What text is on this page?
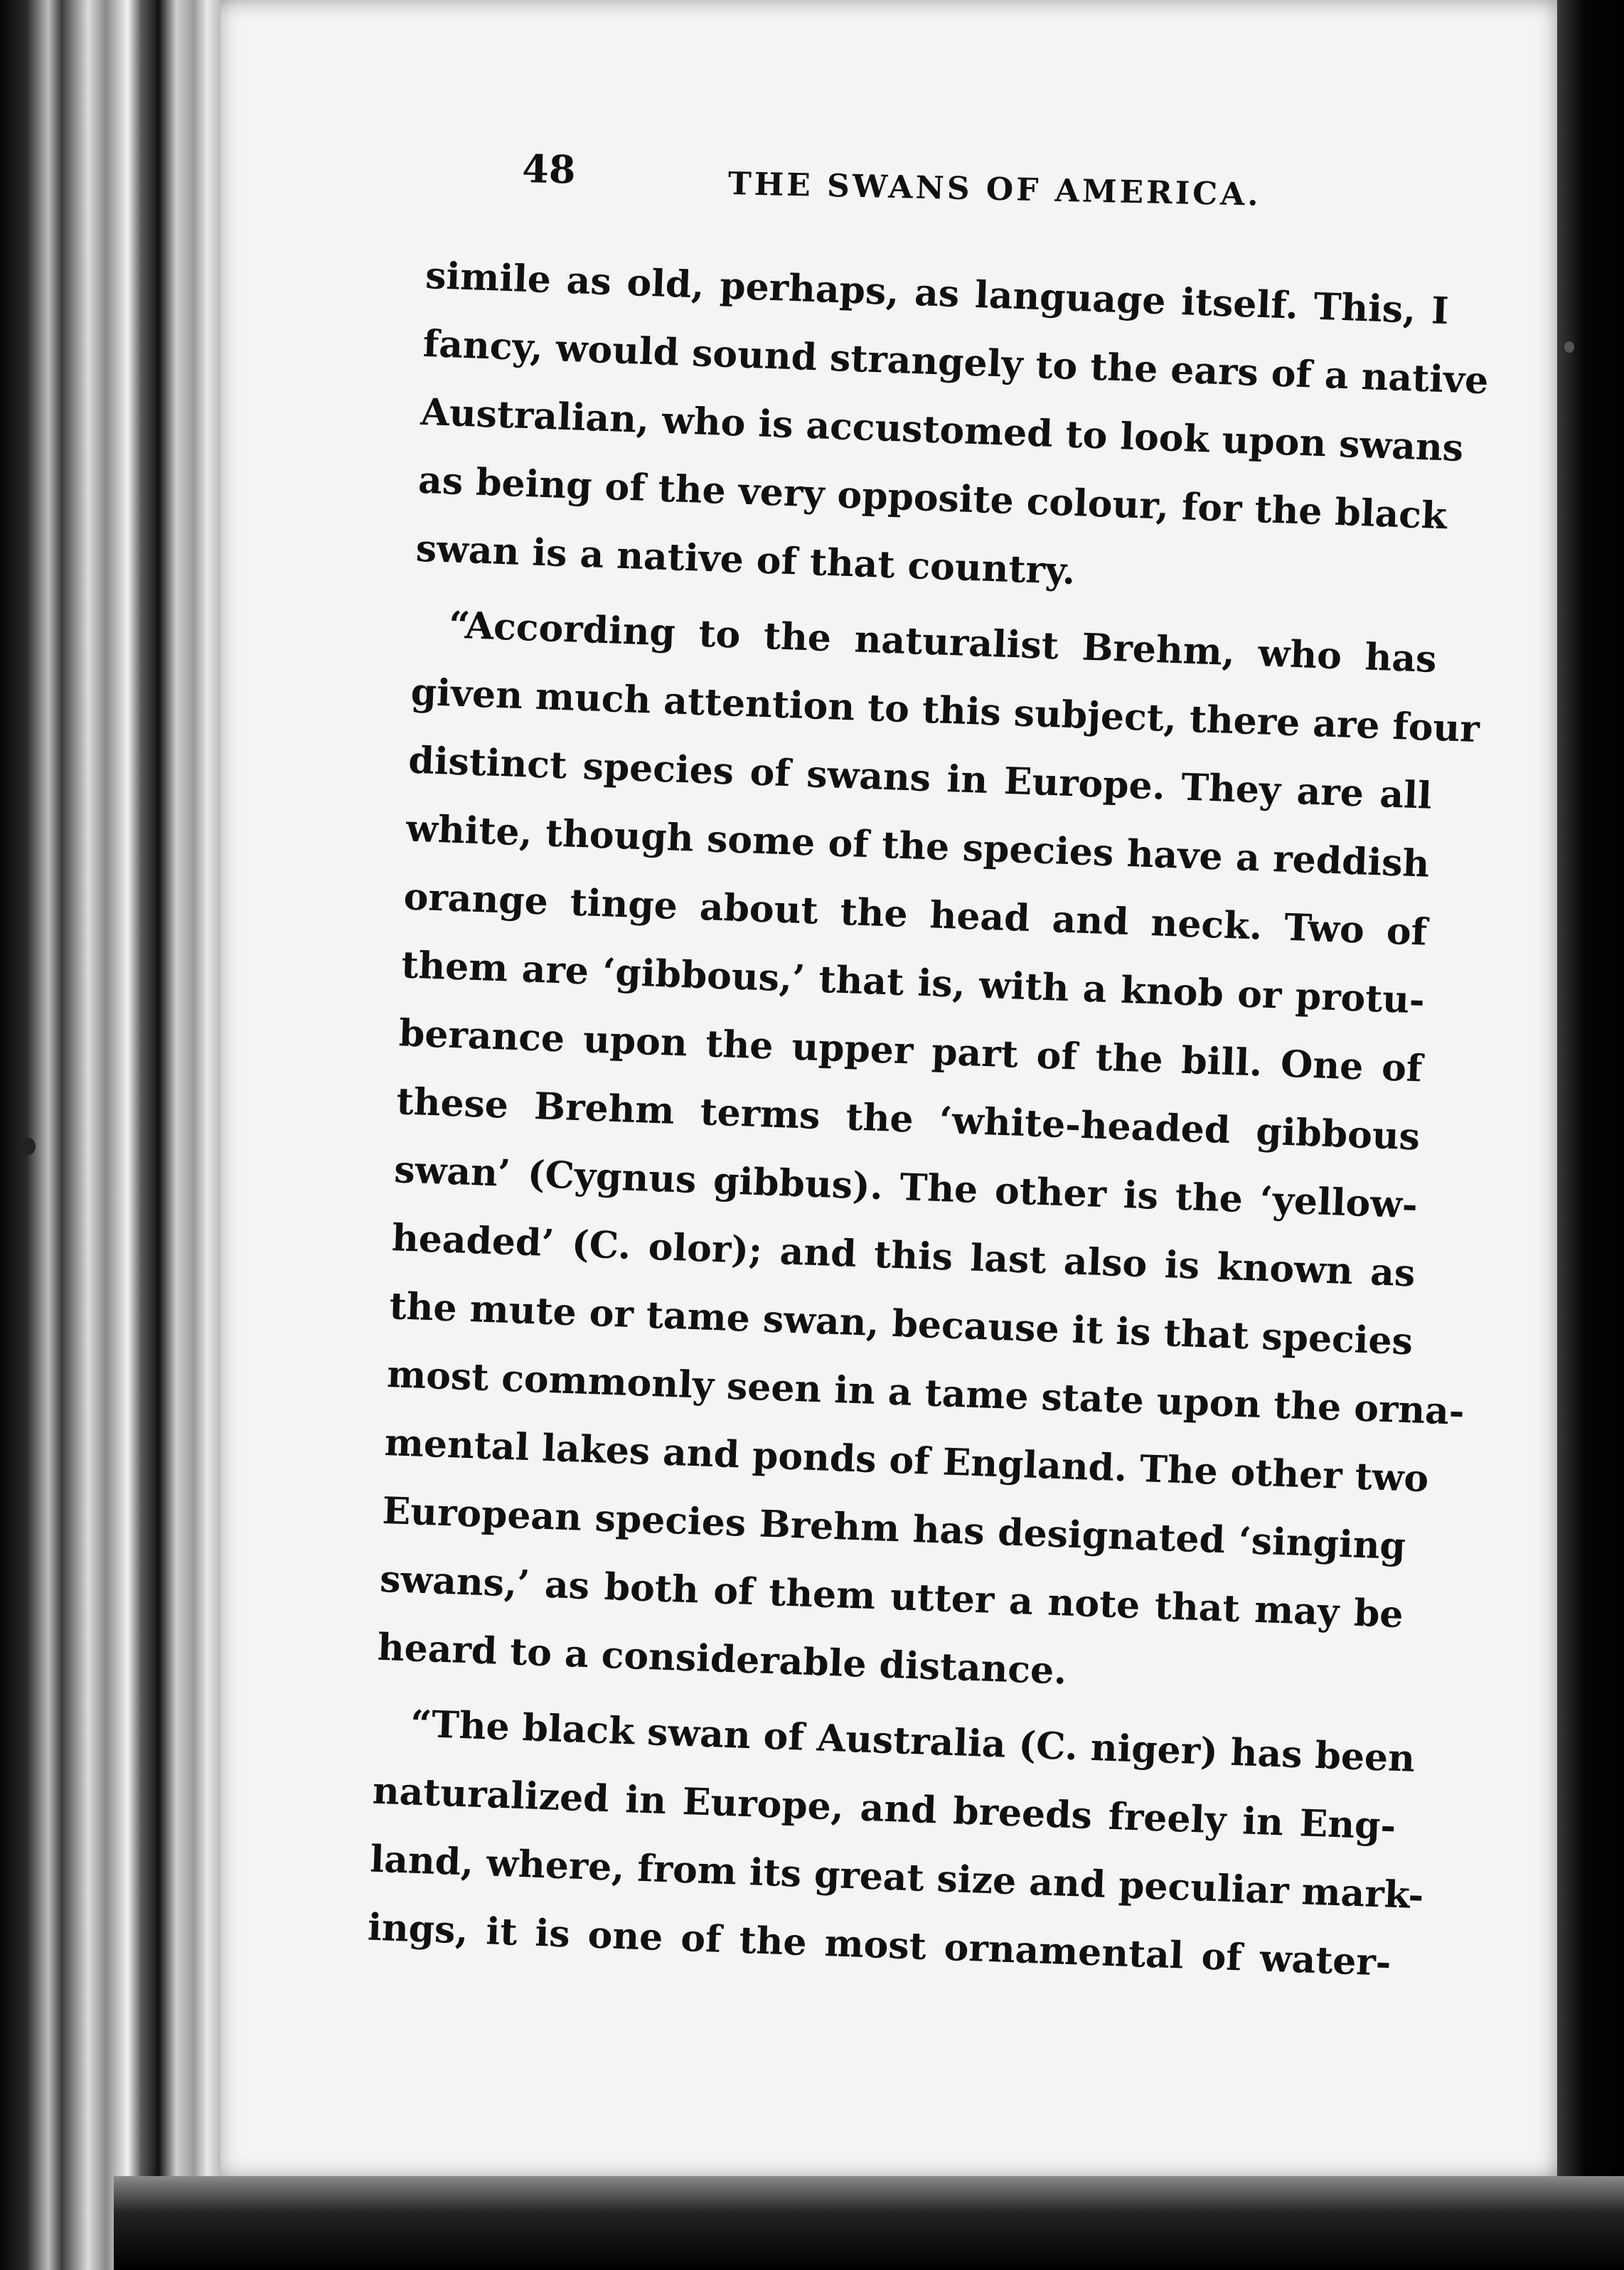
48	THE SWANS OF AMERICA.
simile as old, perhaps, as language itself. This, I
fancy, would sound strangely to the ears of a native
Australian, who is accustomed to look upon swans
as being of the very opposite colour, for the black
swan is a native of that country.
“According to the naturalist Brehm, who has
given much attention to this subject, there are four
distinct species of swans in Europe. They are all
white, though some of the species have a reddish
orange tinge about the head and neck. Two of
them are ‘gibbous,’ that is, with a knob or protu-
berance upon the upper part of the bill. One of
these Brehm terms the ‘white-headed gibbous
swan’ (Cygnus gibbus). The other is the ‘yellow-
headed’ (C. olor); and this last also is known as
the mute or tame swan, because it is that species
most commonly seen in a tame state upon the orna-
mental lakes and ponds of England. The other two
European species Brehm has designated ‘singing
swans,’ as both of them utter a note that may be
heard to a considerable distance.
“The black swan of Australia (C. niger) has been
naturalized in Europe, and breeds freely in Eng-
land, where, from its great size and peculiar mark-
ings, it is one of the most ornamental of water-
